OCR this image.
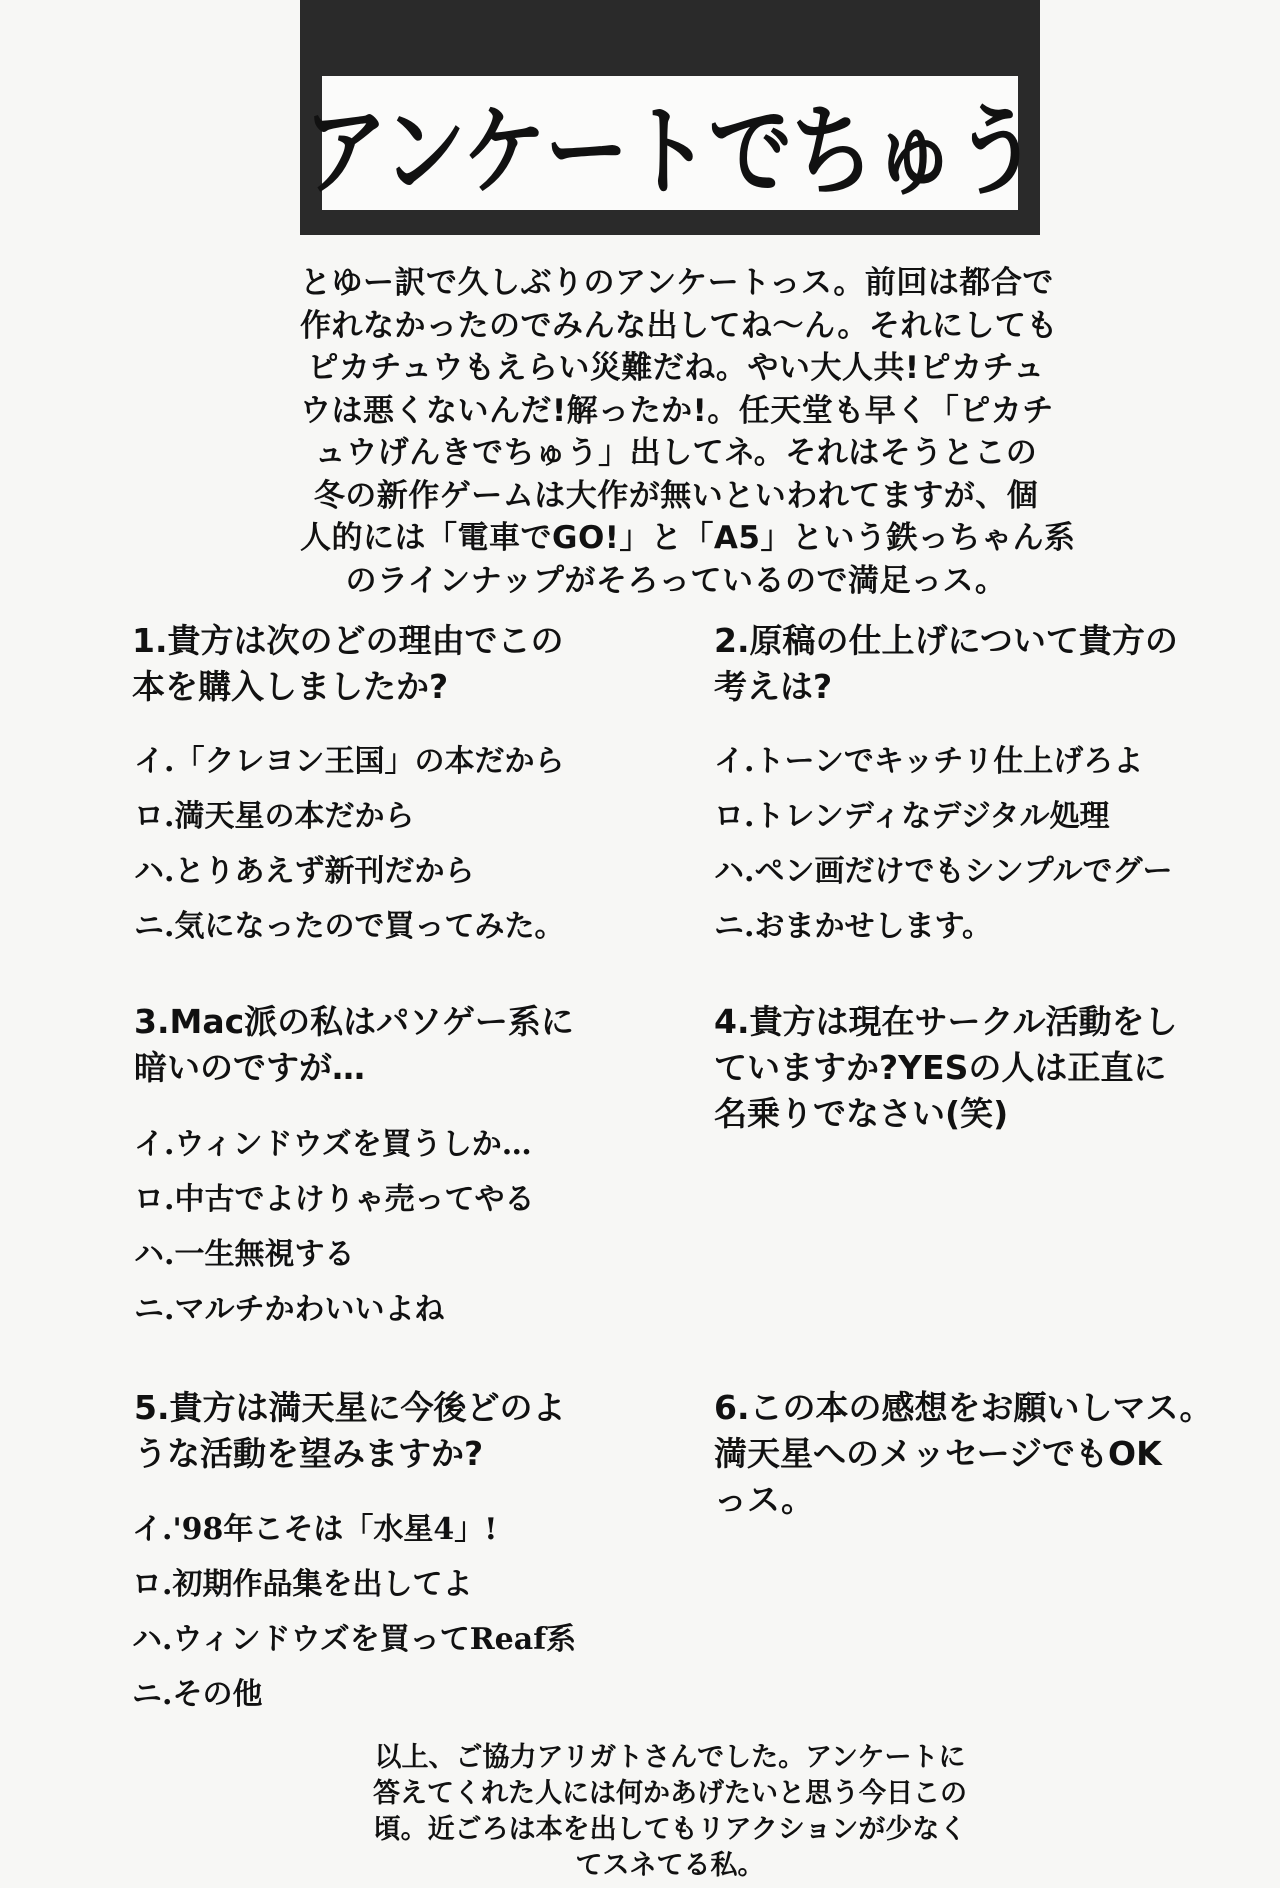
アンケートでちゅう
とゆー訳で久しぶりのアンケートっス。前回は都合で
作れなかったのでみんな出してね～ん。それにしても
ピカチュウもえらい災難だね。やい大人共!ピカチュ
ウは悪くないんだ!解ったか!。任天堂も早く「ピカチ
ュウげんきでちゅう」出してネ。それはそうとこの
冬の新作ゲームは大作が無いといわれてますが、個
人的には「電車でGO!」と「A5」という鉄っちゃん系
のラインナップがそろっているので満足っス。
1.貴方は次のどの理由でこの
本を購入しましたか?
イ.「クレヨン王国」の本だから
ロ.満天星の本だから
ハ.とりあえず新刊だから
ニ.気になったので買ってみた。
2.原稿の仕上げについて貴方の
考えは?
イ.トーンでキッチリ仕上げろよ
ロ.トレンディなデジタル処理
ハ.ペン画だけでもシンプルでグー
ニ.おまかせします。
3.Mac派の私はパソゲー系に
暗いのですが…
イ.ウィンドウズを買うしか…
ロ.中古でよけりゃ売ってやる
ハ.一生無視する
ニ.マルチかわいいよね
4.貴方は現在サークル活動をし
ていますか?YESの人は正直に
名乗りでなさい(笑)
5.貴方は満天星に今後どのよ
うな活動を望みますか?
イ.'98年こそは「水星4」!
ロ.初期作品集を出してよ
ハ.ウィンドウズを買ってReaf系
ニ.その他
6.この本の感想をお願いしマス。
満天星へのメッセージでもOK
っス。
以上、ご協力アリガトさんでした。アンケートに
答えてくれた人には何かあげたいと思う今日この
頃。近ごろは本を出してもリアクションが少なく
てスネてる私。
